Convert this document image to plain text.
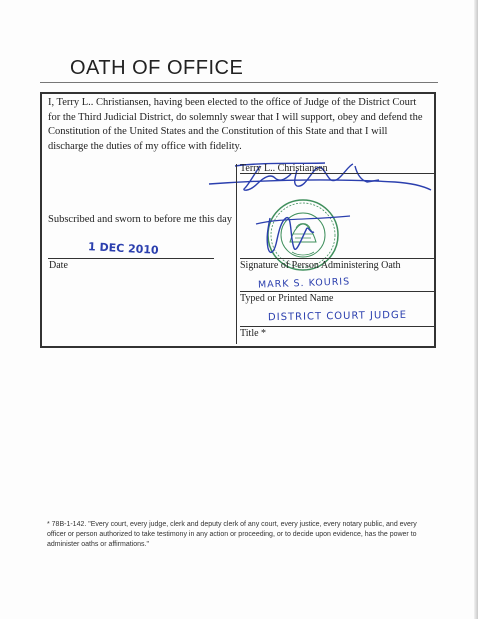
OATH OF OFFICE
I, Terry L.. Christiansen, having been elected to the office of Judge of the District Court for the Third Judicial District, do solemnly swear that I will support, obey and defend the Constitution of the United States and the Constitution of this State and that I will discharge the duties of my office with fidelity.
Terry L.. Christiansen
Subscribed and sworn to before me this day
1 DEC 2010
Date	Signature of Person Administering Oath
MARK S. KOURIS
Typed or Printed Name
DISTRICT COURT JUDGE
Title *
* 78B-1-142. "Every court, every judge, clerk and deputy clerk of any court, every justice, every notary public, and every officer or person authorized to take testimony in any action or proceeding, or to decide upon evidence, has the power to administer oaths or affirmations."
